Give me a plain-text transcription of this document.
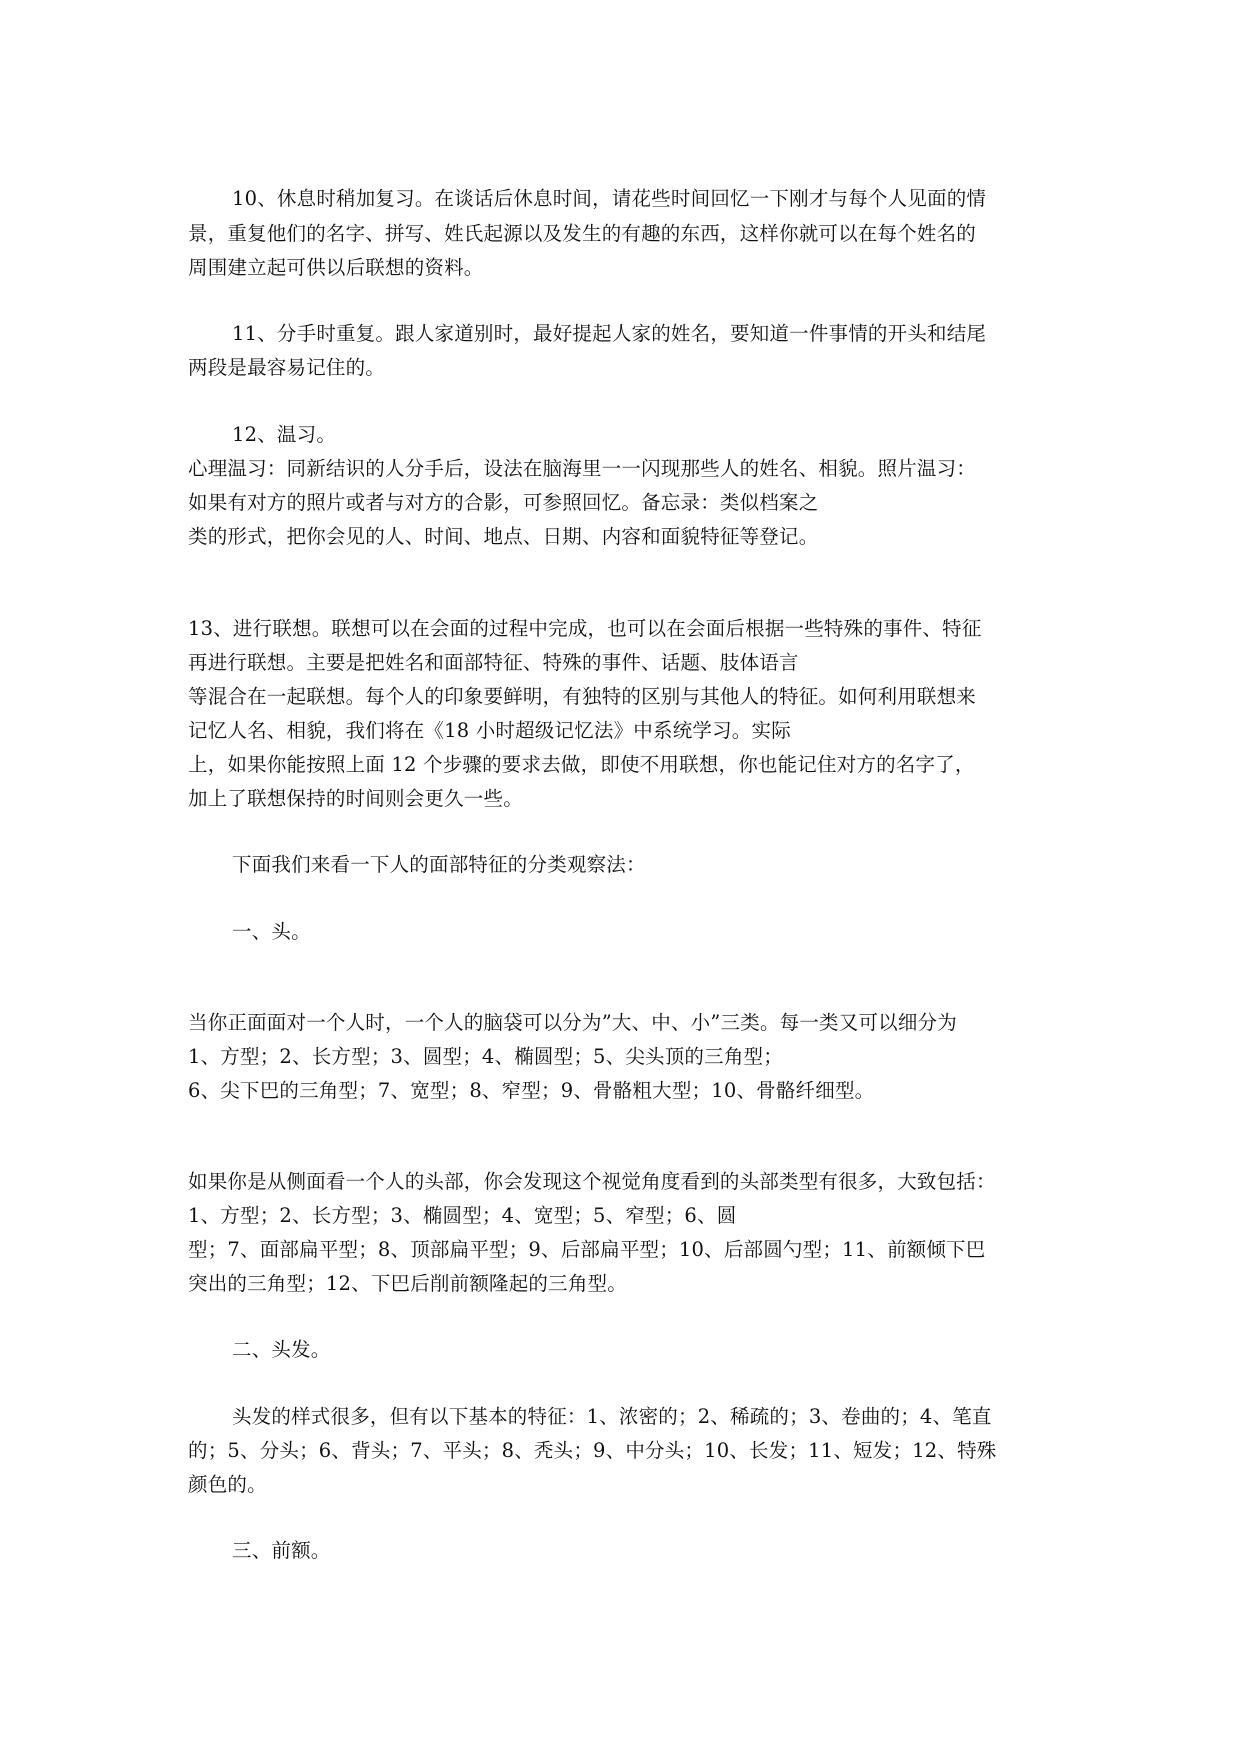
10、休息时稍加复习。在谈话后休息时间，请花些时间回忆一下刚才与每个人见面的情
景，重复他们的名字、拼写、姓氏起源以及发生的有趣的东西，这样你就可以在每个姓名的
周围建立起可供以后联想的资料。
11、分手时重复。跟人家道别时，最好提起人家的姓名，要知道一件事情的开头和结尾
两段是最容易记住的。
12、温习。
心理温习：同新结识的人分手后，设法在脑海里一一闪现那些人的姓名、相貌。照片温习：
如果有对方的照片或者与对方的合影，可参照回忆。备忘录：类似档案之
类的形式，把你会见的人、时间、地点、日期、内容和面貌特征等登记。
13、进行联想。联想可以在会面的过程中完成，也可以在会面后根据一些特殊的事件、特征
再进行联想。主要是把姓名和面部特征、特殊的事件、话题、肢体语言
等混合在一起联想。每个人的印象要鲜明，有独特的区别与其他人的特征。如何利用联想来
记忆人名、相貌，我们将在《18 小时超级记忆法》中系统学习。实际
上，如果你能按照上面 12 个步骤的要求去做，即使不用联想，你也能记住对方的名字了，
加上了联想保持的时间则会更久一些。
下面我们来看一下人的面部特征的分类观察法：
一、头。
当你正面面对一个人时，一个人的脑袋可以分为”大、中、小”三类。每一类又可以细分为
1、方型；2、长方型；3、圆型；4、椭圆型；5、尖头顶的三角型；
6、尖下巴的三角型；7、宽型；8、窄型；9、骨骼粗大型；10、骨骼纤细型。
如果你是从侧面看一个人的头部，你会发现这个视觉角度看到的头部类型有很多，大致包括：
1、方型；2、长方型；3、椭圆型；4、宽型；5、窄型；6、圆
型；7、面部扁平型；8、顶部扁平型；9、后部扁平型；10、后部圆勺型；11、前额倾下巴
突出的三角型；12、下巴后削前额隆起的三角型。
二、头发。
头发的样式很多，但有以下基本的特征：1、浓密的；2、稀疏的；3、卷曲的；4、笔直
的；5、分头；6、背头；7、平头；8、秃头；9、中分头；10、长发；11、短发；12、特殊
颜色的。
三、前额。
